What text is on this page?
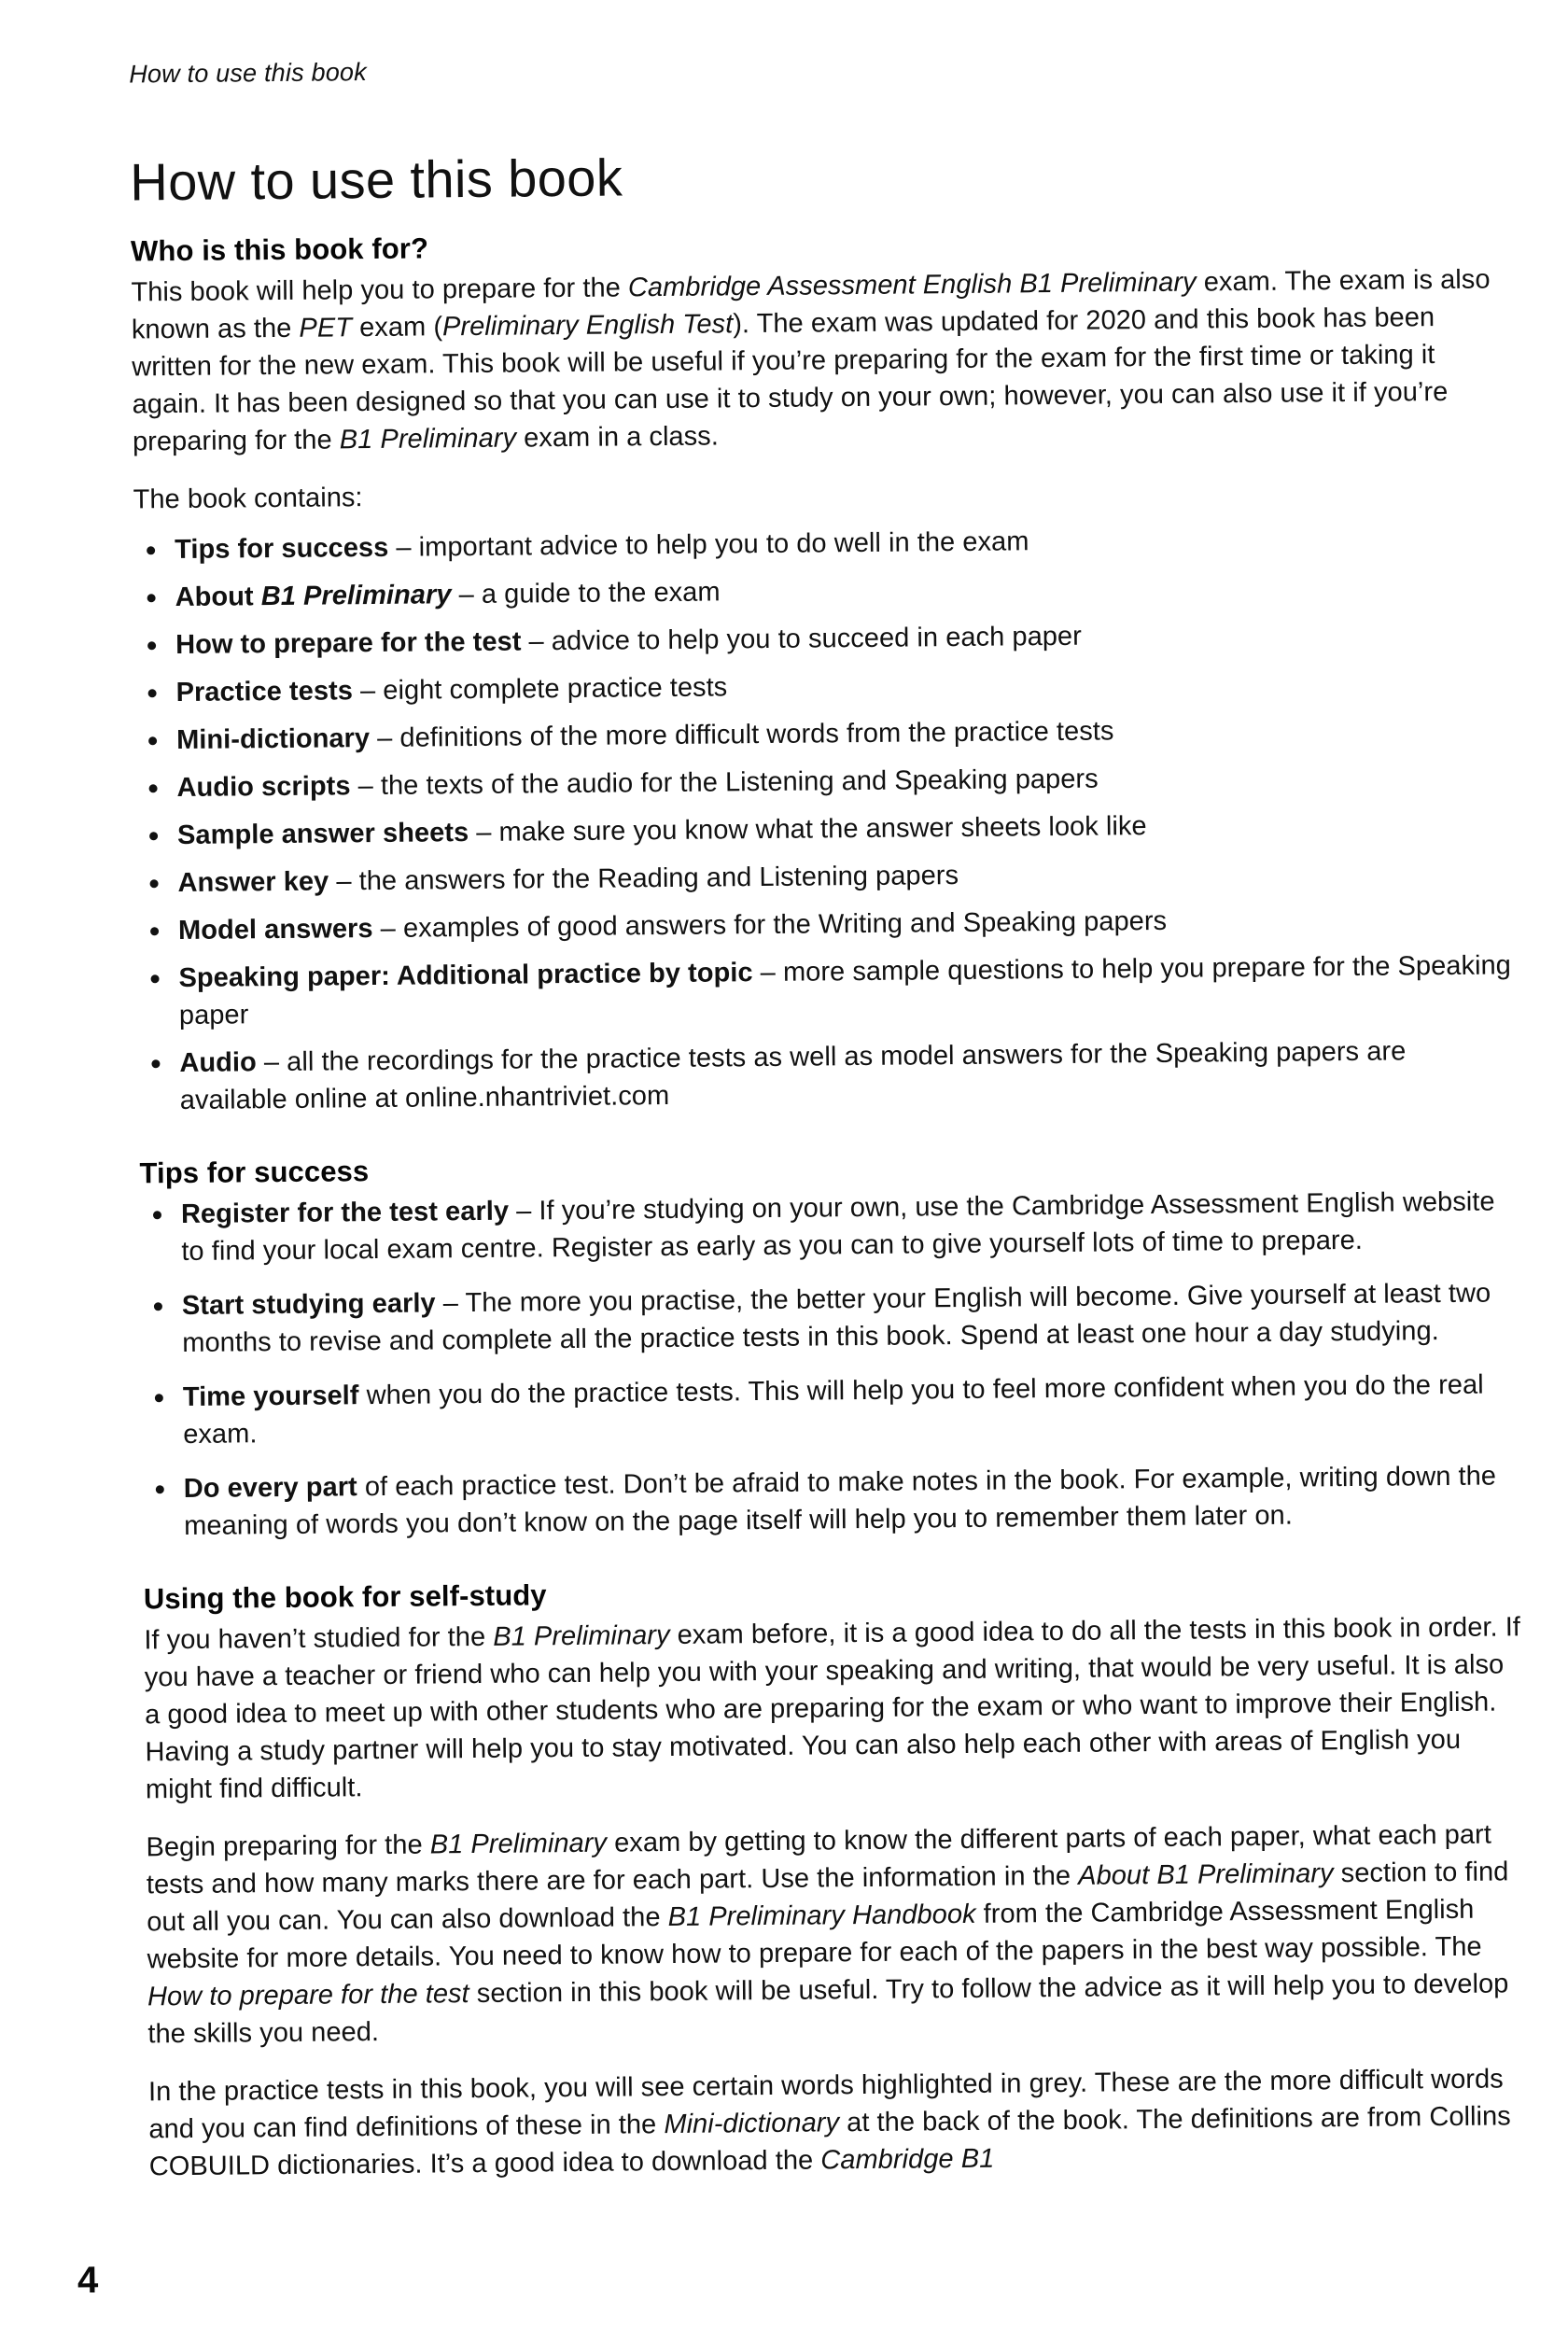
How to use this book
How to use this book
Who is this book for?

This book will help you to prepare for the Cambridge Assessment English B1 Preliminary exam. The exam is also known as the PET exam (Preliminary English Test). The exam was updated for 2020 and this book has been written for the new exam. This book will be useful if you’re preparing for the exam for the first time or taking it again. It has been designed so that you can use it to study on your own; however, you can also use it if you’re preparing for the B1 Preliminary exam in a class.

The book contains:

Tips for success – important advice to help you to do well in the exam
About B1 Preliminary – a guide to the exam
How to prepare for the test – advice to help you to succeed in each paper
Practice tests – eight complete practice tests
Mini-dictionary – definitions of the more difficult words from the practice tests
Audio scripts – the texts of the audio for the Listening and Speaking papers
Sample answer sheets – make sure you know what the answer sheets look like
Answer key – the answers for the Reading and Listening papers
Model answers – examples of good answers for the Writing and Speaking papers
Speaking paper: Additional practice by topic – more sample questions to help you prepare for the Speaking paper
Audio – all the recordings for the practice tests as well as model answers for the Speaking papers are available online at online.nhantriviet.com
Tips for success
Register for the test early – If you’re studying on your own, use the Cambridge Assessment English website to find your local exam centre. Register as early as you can to give yourself lots of time to prepare.
Start studying early – The more you practise, the better your English will become. Give yourself at least two months to revise and complete all the practice tests in this book. Spend at least one hour a day studying.
Time yourself when you do the practice tests. This will help you to feel more confident when you do the real exam.
Do every part of each practice test. Don’t be afraid to make notes in the book. For example, writing down the meaning of words you don’t know on the page itself will help you to remember them later on.
Using the book for self-study

If you haven’t studied for the B1 Preliminary exam before, it is a good idea to do all the tests in this book in order. If you have a teacher or friend who can help you with your speaking and writing, that would be very useful. It is also a good idea to meet up with other students who are preparing for the exam or who want to improve their English. Having a study partner will help you to stay motivated. You can also help each other with areas of English you might find difficult.

Begin preparing for the B1 Preliminary exam by getting to know the different parts of each paper, what each part tests and how many marks there are for each part. Use the information in the About B1 Preliminary section to find out all you can. You can also download the B1 Preliminary Handbook from the Cambridge Assessment English website for more details. You need to know how to prepare for each of the papers in the best way possible. The How to prepare for the test section in this book will be useful. Try to follow the advice as it will help you to develop the skills you need.

In the practice tests in this book, you will see certain words highlighted in grey. These are the more difficult words and you can find definitions of these in the Mini-dictionary at the back of the book. The definitions are from Collins COBUILD dictionaries. It’s a good idea to download the Cambridge B1

4
